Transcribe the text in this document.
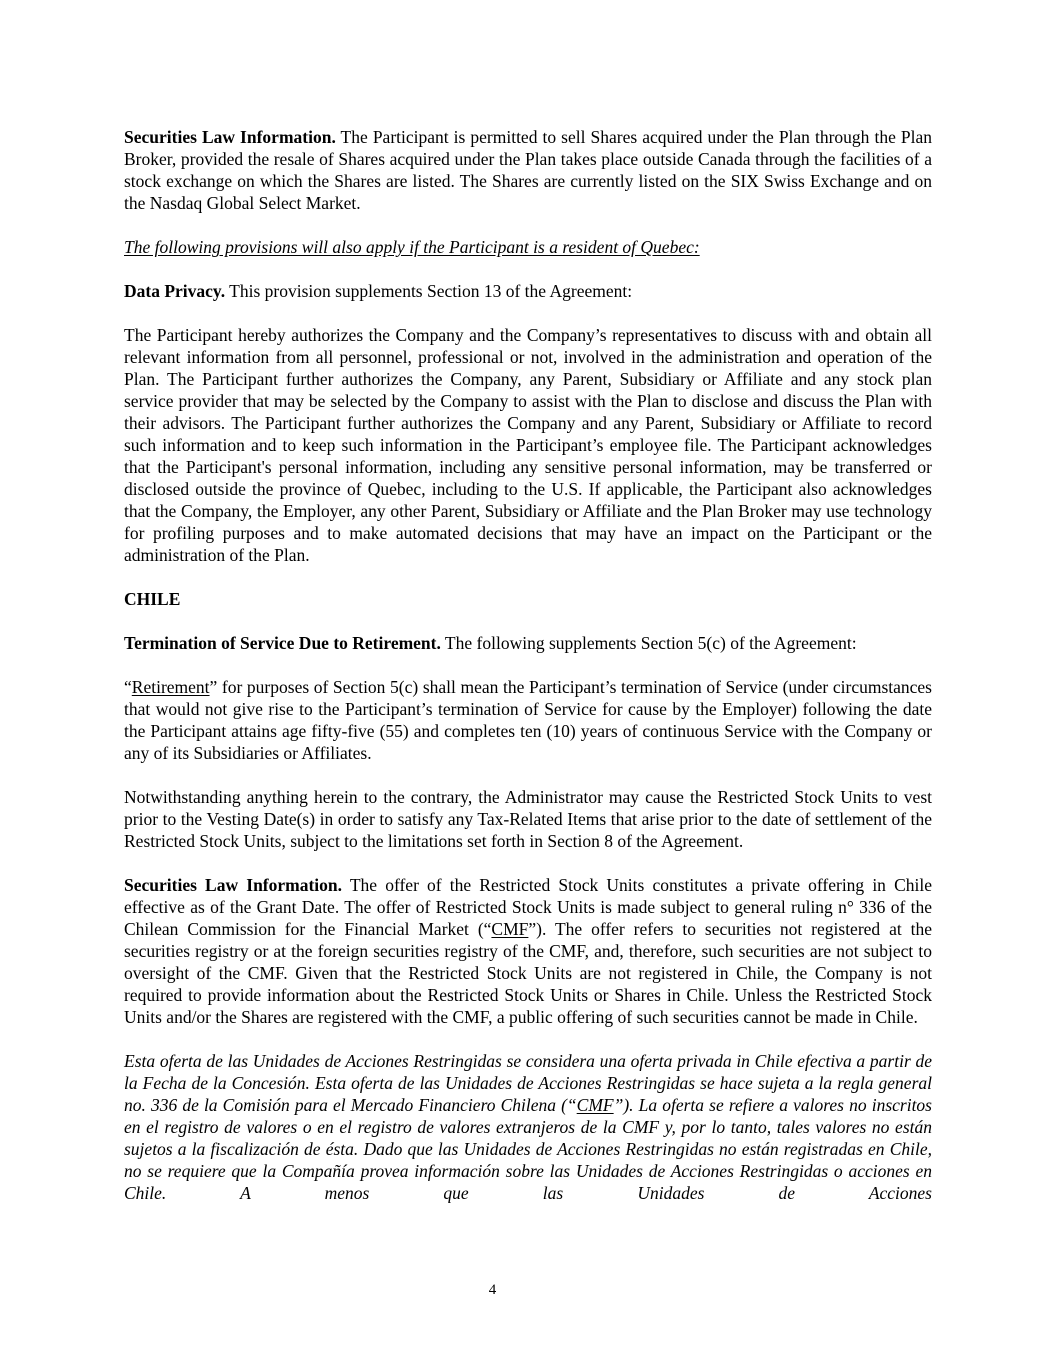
Securities Law Information. The Participant is permitted to sell Shares acquired under the Plan through the Plan Broker, provided the resale of Shares acquired under the Plan takes place outside Canada through the facilities of a stock exchange on which the Shares are listed. The Shares are currently listed on the SIX Swiss Exchange and on the Nasdaq Global Select Market.

The following provisions will also apply if the Participant is a resident of Quebec:

Data Privacy. This provision supplements Section 13 of the Agreement:

The Participant hereby authorizes the Company and the Company’s representatives to discuss with and obtain all relevant information from all personnel, professional or not, involved in the administration and operation of the Plan. The Participant further authorizes the Company, any Parent, Subsidiary or Affiliate and any stock plan service provider that may be selected by the Company to assist with the Plan to disclose and discuss the Plan with their advisors. The Participant further authorizes the Company and any Parent, Subsidiary or Affiliate to record such information and to keep such information in the Participant’s employee file. The Participant acknowledges that the Participant's personal information, including any sensitive personal information, may be transferred or disclosed outside the province of Quebec, including to the U.S. If applicable, the Participant also acknowledges that the Company, the Employer, any other Parent, Subsidiary or Affiliate and the Plan Broker may use technology for profiling purposes and to make automated decisions that may have an impact on the Participant or the administration of the Plan.

CHILE

Termination of Service Due to Retirement. The following supplements Section 5(c) of the Agreement:

“Retirement” for purposes of Section 5(c) shall mean the Participant’s termination of Service (under circumstances that would not give rise to the Participant’s termination of Service for cause by the Employer) following the date the Participant attains age fifty-five (55) and completes ten (10) years of continuous Service with the Company or any of its Subsidiaries or Affiliates.

Notwithstanding anything herein to the contrary, the Administrator may cause the Restricted Stock Units to vest prior to the Vesting Date(s) in order to satisfy any Tax-Related Items that arise prior to the date of settlement of the Restricted Stock Units, subject to the limitations set forth in Section 8 of the Agreement.

Securities Law Information. The offer of the Restricted Stock Units constitutes a private offering in Chile effective as of the Grant Date. The offer of Restricted Stock Units is made subject to general ruling n° 336 of the Chilean Commission for the Financial Market (“CMF”). The offer refers to securities not registered at the securities registry or at the foreign securities registry of the CMF, and, therefore, such securities are not subject to oversight of the CMF. Given that the Restricted Stock Units are not registered in Chile, the Company is not required to provide information about the Restricted Stock Units or Shares in Chile. Unless the Restricted Stock Units and/or the Shares are registered with the CMF, a public offering of such securities cannot be made in Chile.

Esta oferta de las Unidades de Acciones Restringidas se considera una oferta privada in Chile efectiva a partir de la Fecha de la Concesión. Esta oferta de las Unidades de Acciones Restringidas se hace sujeta a la regla general no. 336 de la Comisión para el Mercado Financiero Chilena (“CMF”). La oferta se refiere a valores no inscritos en el registro de valores o en el registro de valores extranjeros de la CMF y, por lo tanto, tales valores no están sujetos a la fiscalización de ésta. Dado que las Unidades de Acciones Restringidas no están registradas en Chile, no se requiere que la Compañía provea información sobre las Unidades de Acciones Restringidas o acciones en Chile. A menos que las Unidades de Acciones

4
